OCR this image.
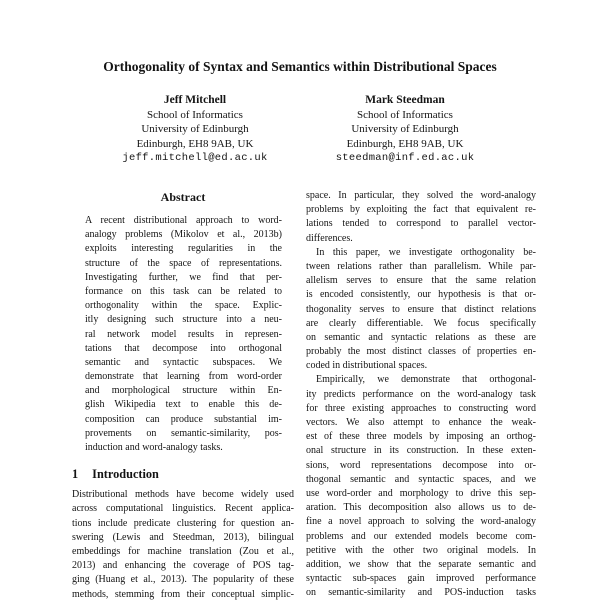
Orthogonality of Syntax and Semantics within Distributional Spaces
Jeff Mitchell
School of Informatics
University of Edinburgh
Edinburgh, EH8 9AB, UK
jeff.mitchell@ed.ac.uk
Mark Steedman
School of Informatics
University of Edinburgh
Edinburgh, EH8 9AB, UK
steedman@inf.ed.ac.uk
Abstract
A recent distributional approach to word-
analogy problems (Mikolov et al., 2013b)
exploits interesting regularities in the
structure of the space of representations.
Investigating further, we find that per-
formance on this task can be related to
orthogonality within the space. Explic-
itly designing such structure into a neu-
ral network model results in represen-
tations that decompose into orthogonal
semantic and syntactic subspaces. We
demonstrate that learning from word-order
and morphological structure within En-
glish Wikipedia text to enable this de-
composition can produce substantial im-
provements on semantic-similarity, pos-
induction and word-analogy tasks.
1 Introduction
Distributional methods have become widely used
across computational linguistics. Recent applica-
tions include predicate clustering for question an-
swering (Lewis and Steedman, 2013), bilingual
embeddings for machine translation (Zou et al.,
2013) and enhancing the coverage of POS tag-
ging (Huang et al., 2013). The popularity of these
methods, stemming from their conceptual simplic-
space. In particular, they solved the word-analogy
problems by exploiting the fact that equivalent re-
lations tended to correspond to parallel vector-
differences.
In this paper, we investigate orthogonality be-
tween relations rather than parallelism. While par-
allelism serves to ensure that the same relation
is encoded consistently, our hypothesis is that or-
thogonality serves to ensure that distinct relations
are clearly differentiable. We focus specifically
on semantic and syntactic relations as these are
probably the most distinct classes of properties en-
coded in distributional spaces.
Empirically, we demonstrate that orthogonal-
ity predicts performance on the word-analogy task
for three existing approaches to constructing word
vectors. We also attempt to enhance the weak-
est of these three models by imposing an orthog-
onal structure in its construction. In these exten-
sions, word representations decompose into or-
thogonal semantic and syntactic spaces, and we
use word-order and morphology to drive this sep-
aration. This decomposition also allows us to de-
fine a novel approach to solving the word-analogy
problems and our extended models become com-
petitive with the other two original models. In
addition, we show that the separate semantic and
syntactic sub-spaces gain improved performance
on semantic-similarity and POS-induction tasks
